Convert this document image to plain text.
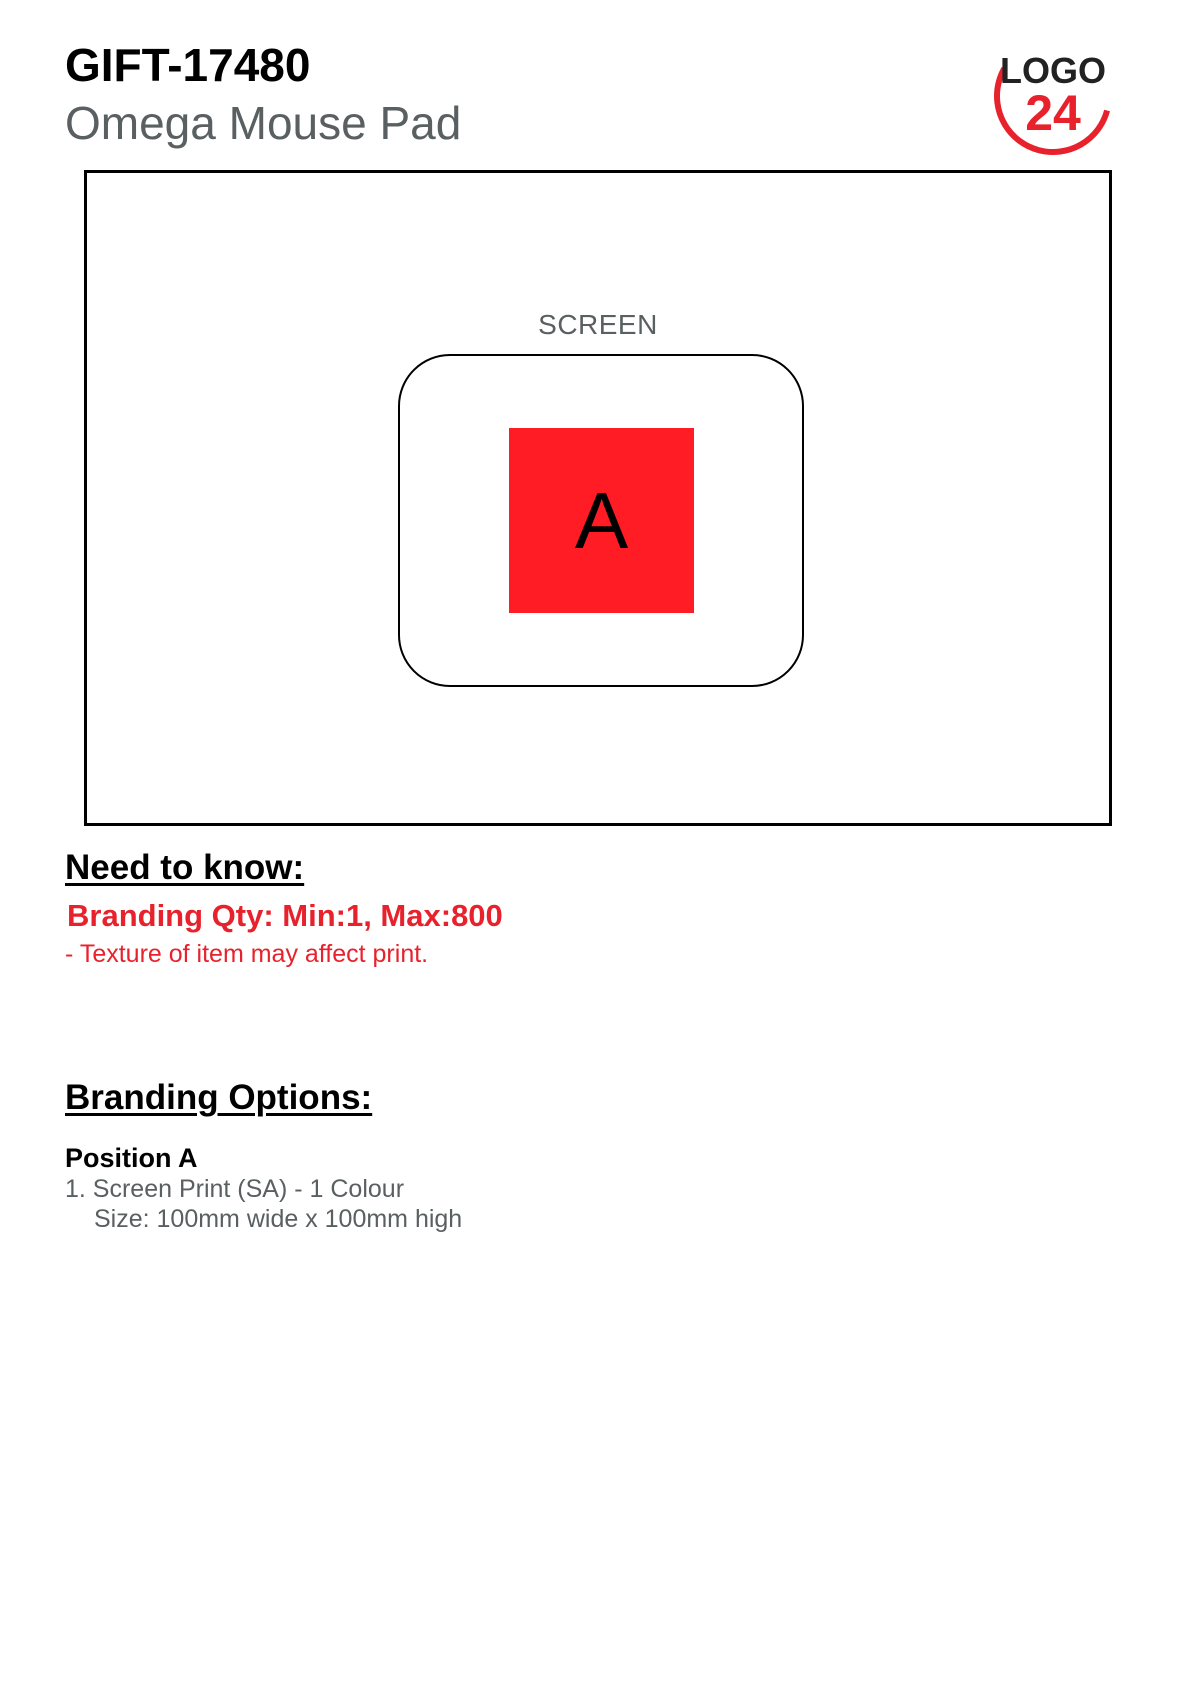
GIFT-17480
Omega Mouse Pad
LOGO
24
SCREEN
A
Need to know:
Branding Qty: Min:1, Max:800
- Texture of item may affect print.
Branding Options:
Position A
1. Screen Print (SA) - 1 Colour
Size: 100mm wide x 100mm high
